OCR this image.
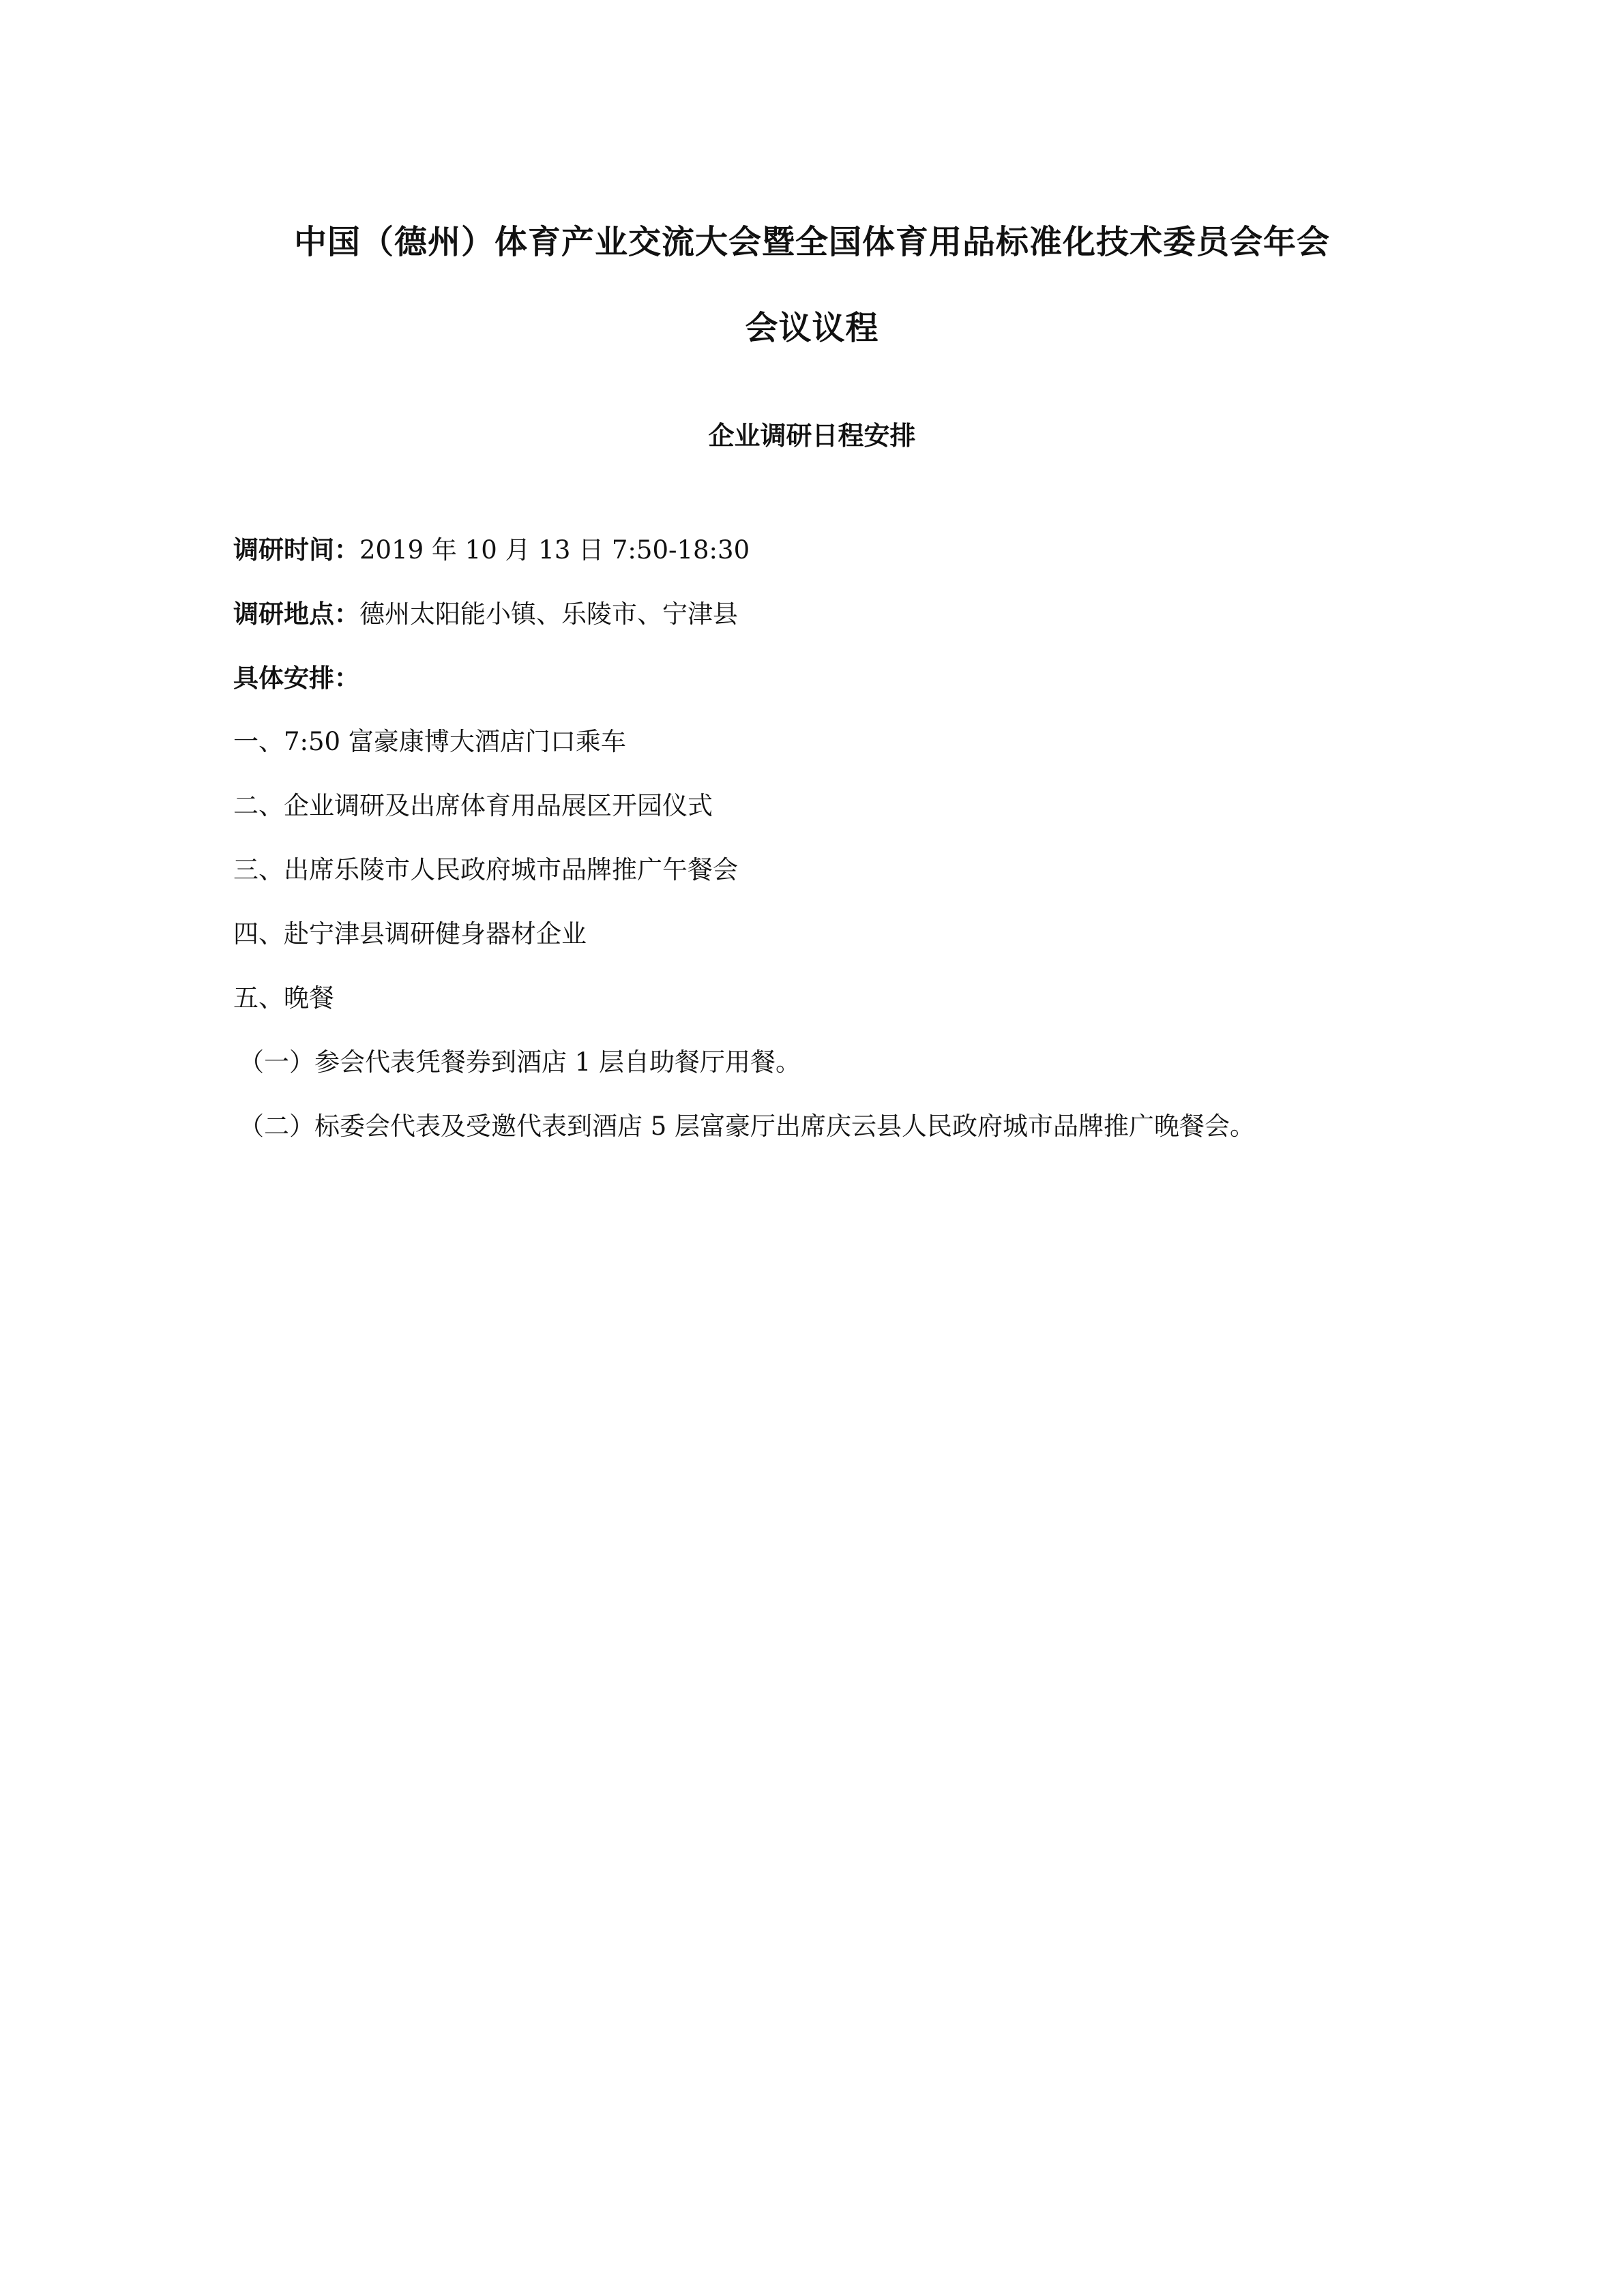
中国（德州）体育产业交流大会暨全国体育用品标准化技术委员会年会
会议议程
企业调研日程安排
调研时间：2019 年 10 月 13 日 7:50-18:30
调研地点：德州太阳能小镇、乐陵市、宁津县
具体安排：
一、7:50 富豪康博大酒店门口乘车
二、企业调研及出席体育用品展区开园仪式
三、出席乐陵市人民政府城市品牌推广午餐会
四、赴宁津县调研健身器材企业
五、晚餐
（一）参会代表凭餐券到酒店 1 层自助餐厅用餐。
（二）标委会代表及受邀代表到酒店 5 层富豪厅出席庆云县人民政府城市品牌推广晚餐会。
